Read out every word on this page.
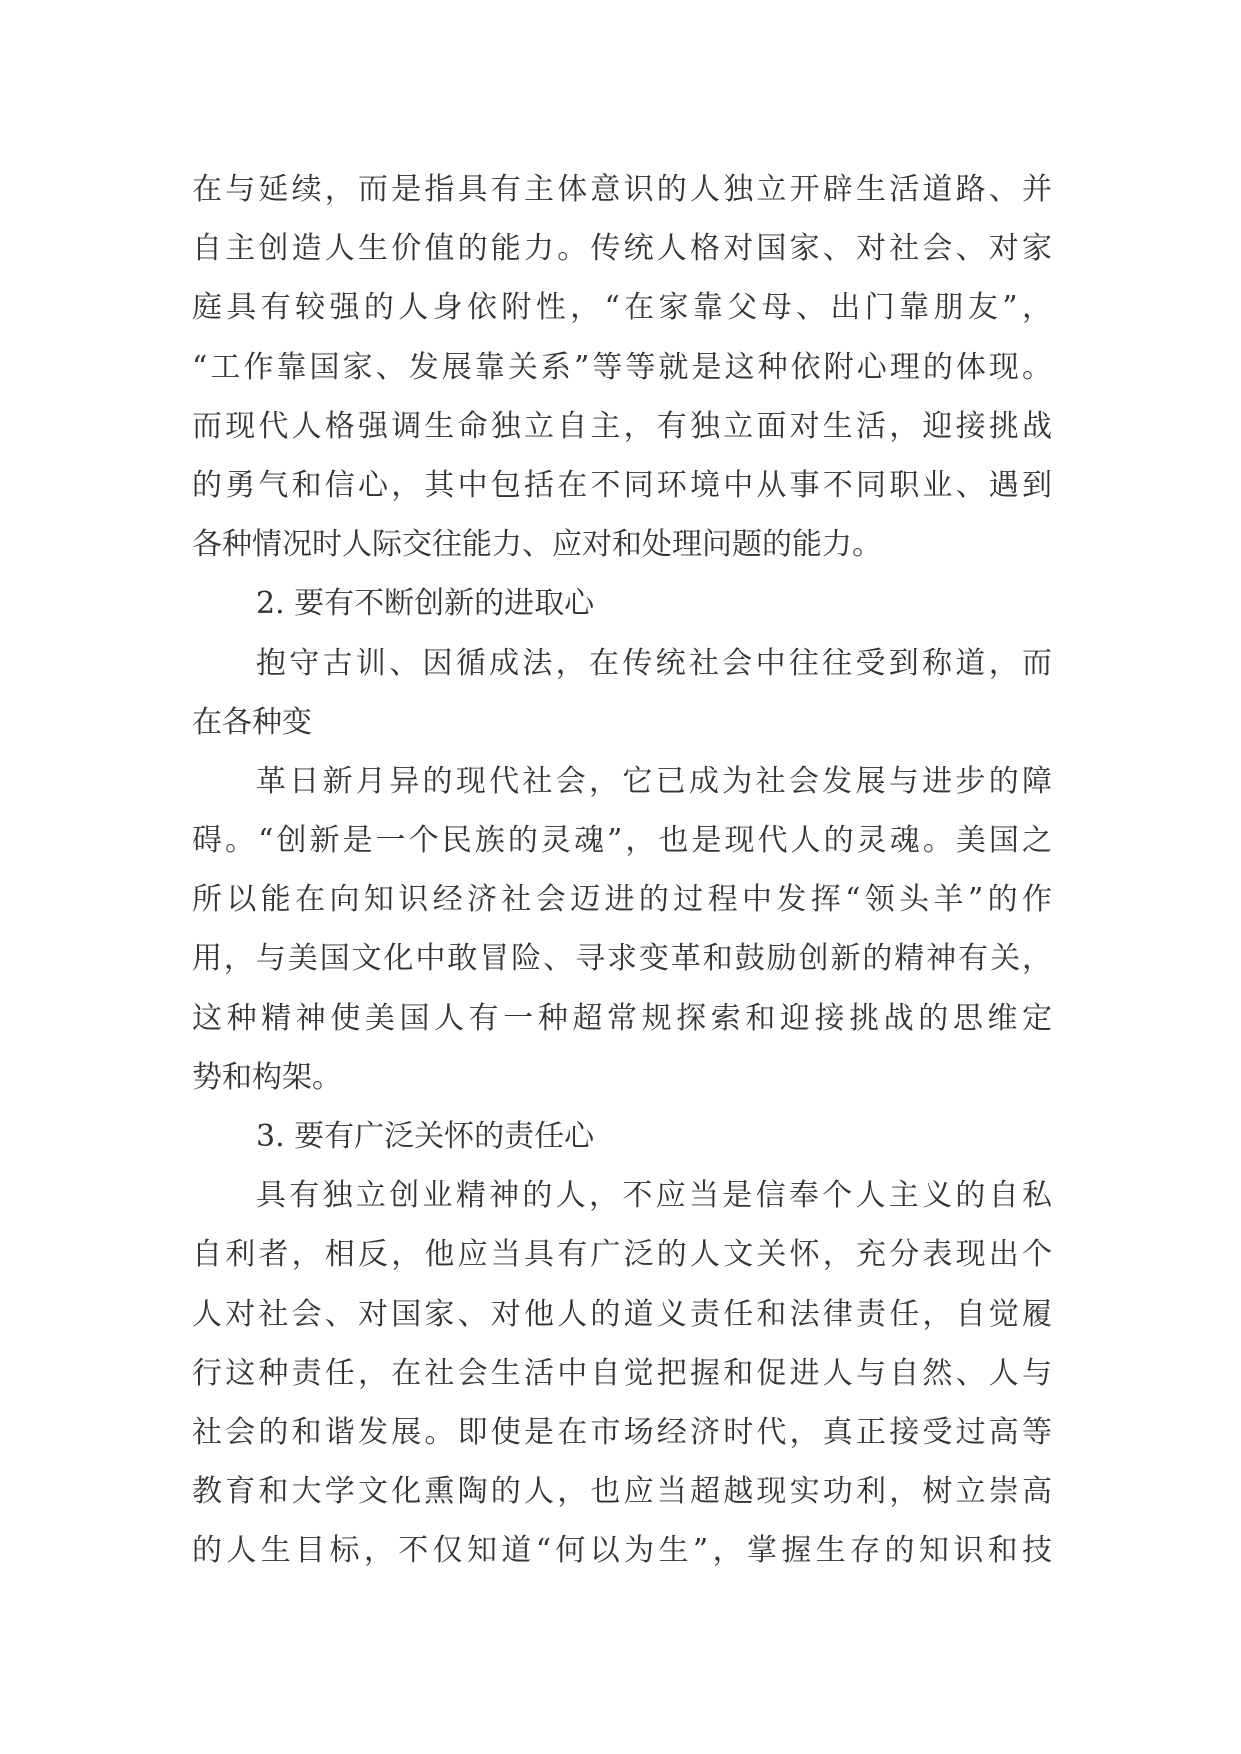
在与延续，而是指具有主体意识的人独立开辟生活道路、并
自主创造人生价值的能力。传统人格对国家、对社会、对家
庭具有较强的人身依附性，“在家靠父母、出门靠朋友”，
“工作靠国家、发展靠关系”等等就是这种依附心理的体现。
而现代人格强调生命独立自主，有独立面对生活，迎接挑战
的勇气和信心，其中包括在不同环境中从事不同职业、遇到
各种情况时人际交往能力、应对和处理问题的能力。
2. 要有不断创新的进取心
抱守古训、因循成法，在传统社会中往往受到称道，而
在各种变
革日新月异的现代社会，它已成为社会发展与进步的障
碍。“创新是一个民族的灵魂”，也是现代人的灵魂。美国之
所以能在向知识经济社会迈进的过程中发挥“领头羊”的作
用，与美国文化中敢冒险、寻求变革和鼓励创新的精神有关，
这种精神使美国人有一种超常规探索和迎接挑战的思维定
势和构架。
3. 要有广泛关怀的责任心
具有独立创业精神的人，不应当是信奉个人主义的自私
自利者，相反，他应当具有广泛的人文关怀，充分表现出个
人对社会、对国家、对他人的道义责任和法律责任，自觉履
行这种责任，在社会生活中自觉把握和促进人与自然、人与
社会的和谐发展。即使是在市场经济时代，真正接受过高等
教育和大学文化熏陶的人，也应当超越现实功利，树立崇高
的人生目标，不仅知道“何以为生”，掌握生存的知识和技
